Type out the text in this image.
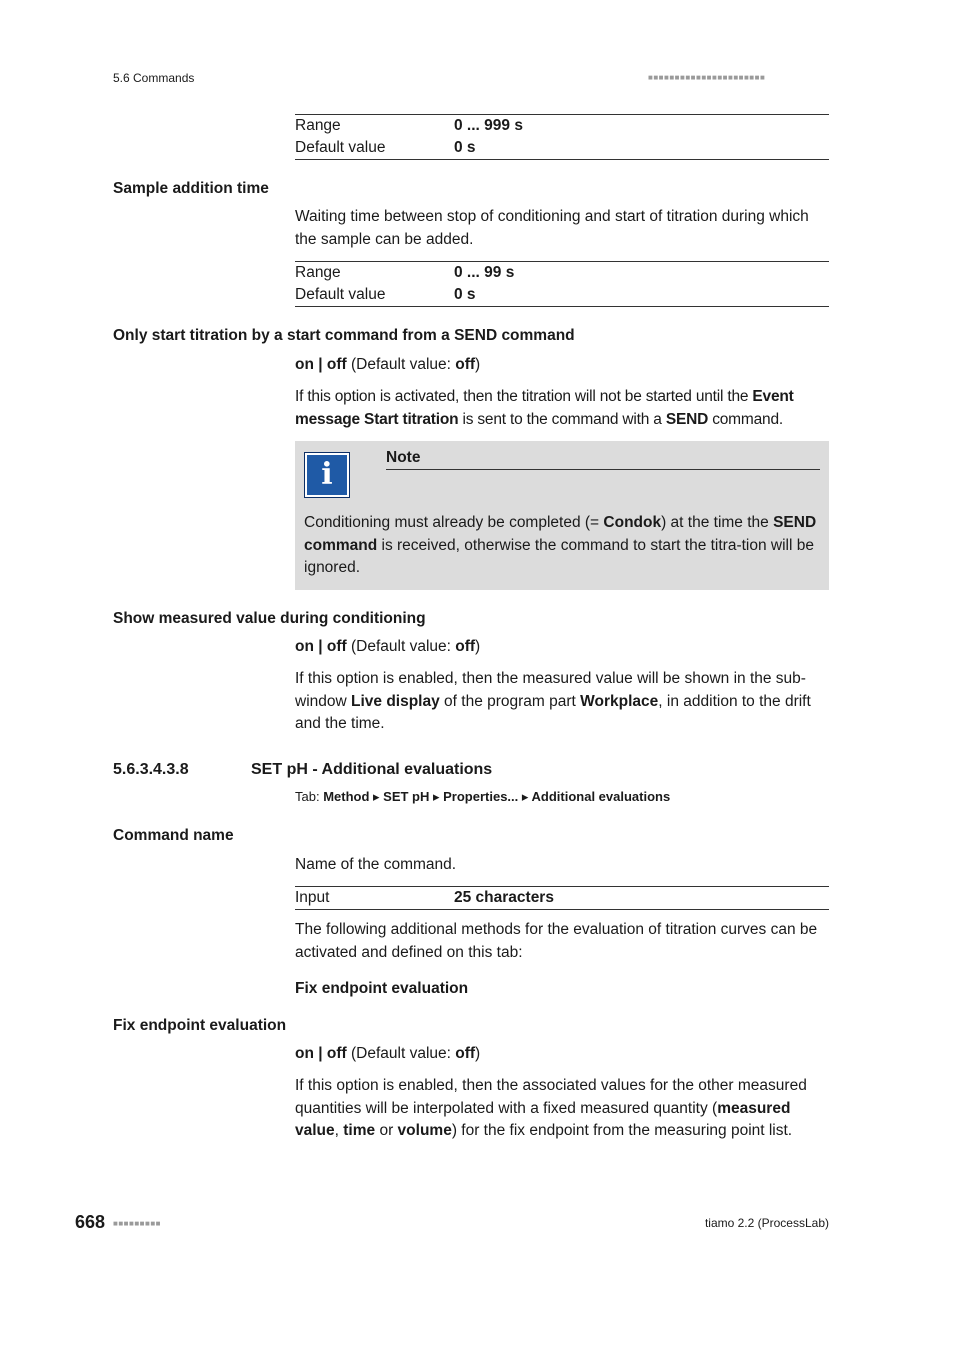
5.6 Commands	■■■■■■■■■■■■■■■■■■■■■■
Range	0 ... 999 s
Default value	0 s
Sample addition time
Waiting time between stop of conditioning and start of titration during which the sample can be added.
Range	0 ... 99 s
Default value	0 s
Only start titration by a start command from a SEND command
on | off (Default value: off)
If this option is activated, then the titration will not be started until the Event message Start titration is sent to the command with a SEND command.
i	Note
Conditioning must already be completed (= Condok) at the time the SEND command is received, otherwise the command to start the titra-tion will be ignored.
Show measured value during conditioning
on | off (Default value: off)
If this option is enabled, then the measured value will be shown in the sub-window Live display of the program part Workplace, in addition to the drift and the time.
5.6.3.4.3.8	SET pH - Additional evaluations
Tab: Method ▸ SET pH ▸ Properties... ▸ Additional evaluations
Command name
Name of the command.
Input	25 characters
The following additional methods for the evaluation of titration curves can be activated and defined on this tab:
Fix endpoint evaluation
Fix endpoint evaluation
on | off (Default value: off)
If this option is enabled, then the associated values for the other measured quantities will be interpolated with a fixed measured quantity (measured value, time or volume) for the fix endpoint from the measuring point list.
668 ■■■■■■■■■	tiamo 2.2 (ProcessLab)
